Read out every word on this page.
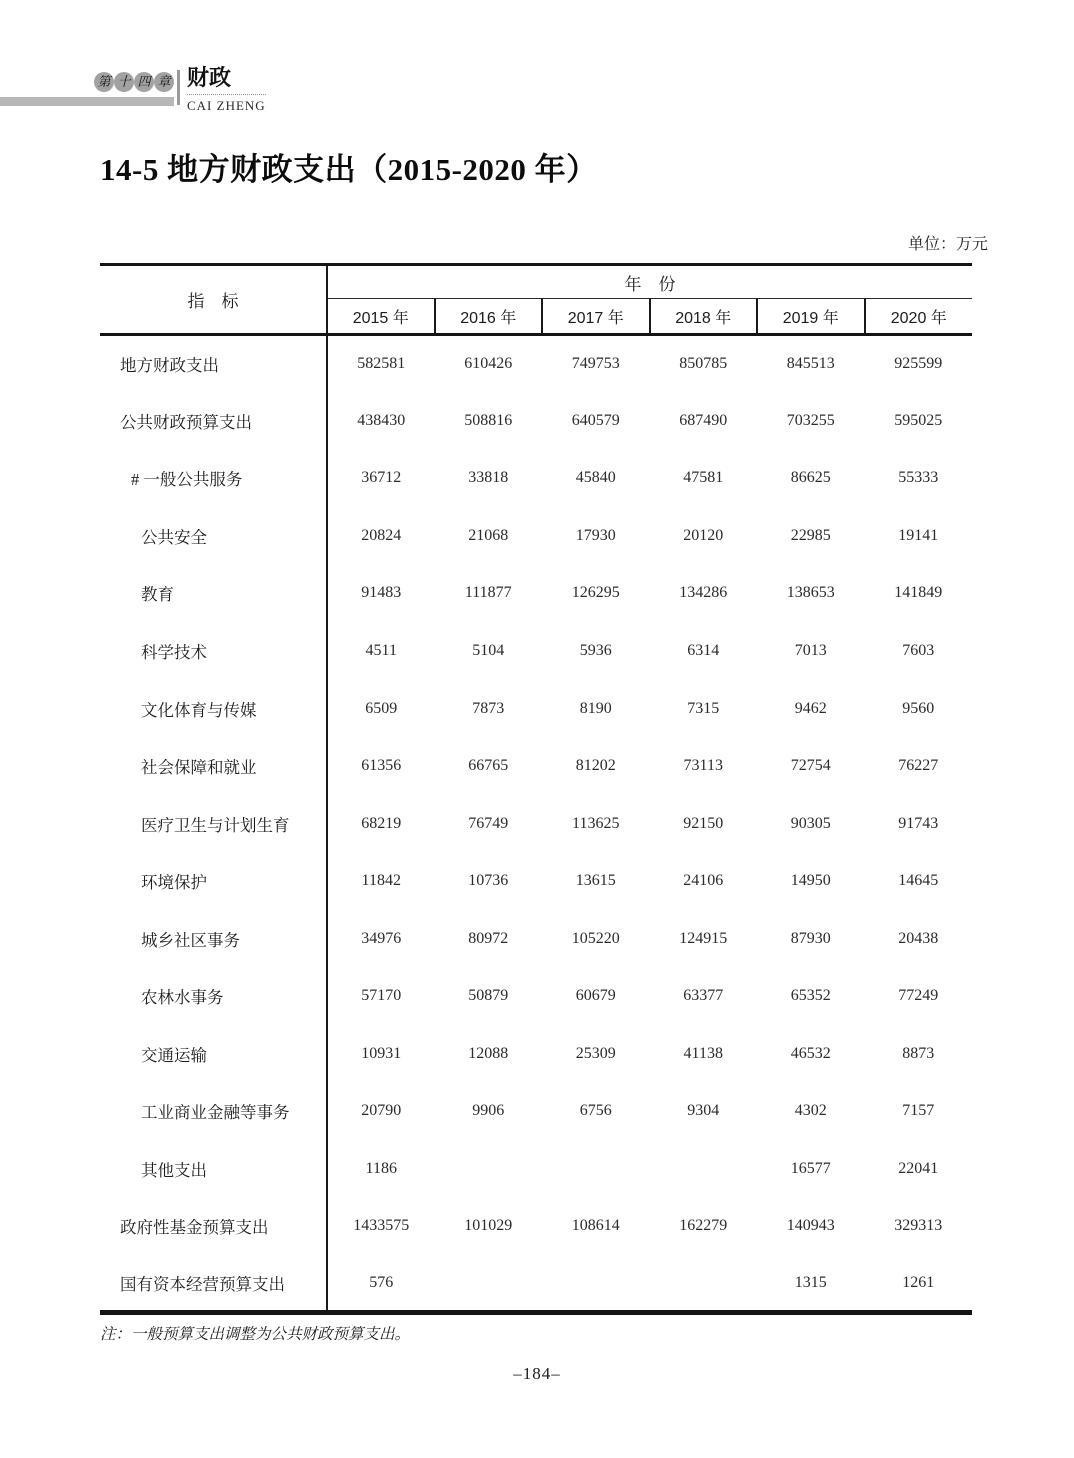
第 十 四 章 财政
CAI ZHENG
14-5 地方财政支出（2015-2020 年）
单位：万元
指　标	年　份					
	2015 年	2016 年	2017 年	2018 年	2019 年	2020 年
地方财政支出	582581	610426	749753	850785	845513	925599
公共财政预算支出	438430	508816	640579	687490	703255	595025
# 一般公共服务	36712	33818	45840	47581	86625	55333
公共安全	20824	21068	17930	20120	22985	19141
教育	91483	111877	126295	134286	138653	141849
科学技术	4511	5104	5936	6314	7013	7603
文化体育与传媒	6509	7873	8190	7315	9462	9560
社会保障和就业	61356	66765	81202	73113	72754	76227
医疗卫生与计划生育	68219	76749	113625	92150	90305	91743
环境保护	11842	10736	13615	24106	14950	14645
城乡社区事务	34976	80972	105220	124915	87930	20438
农林水事务	57170	50879	60679	63377	65352	77249
交通运输	10931	12088	25309	41138	46532	8873
工业商业金融等事务	20790	9906	6756	9304	4302	7157
其他支出	1186				16577	22041
政府性基金预算支出	1433575	101029	108614	162279	140943	329313
国有资本经营预算支出	576				1315	1261
注：一般预算支出调整为公共财政预算支出。
–184–
